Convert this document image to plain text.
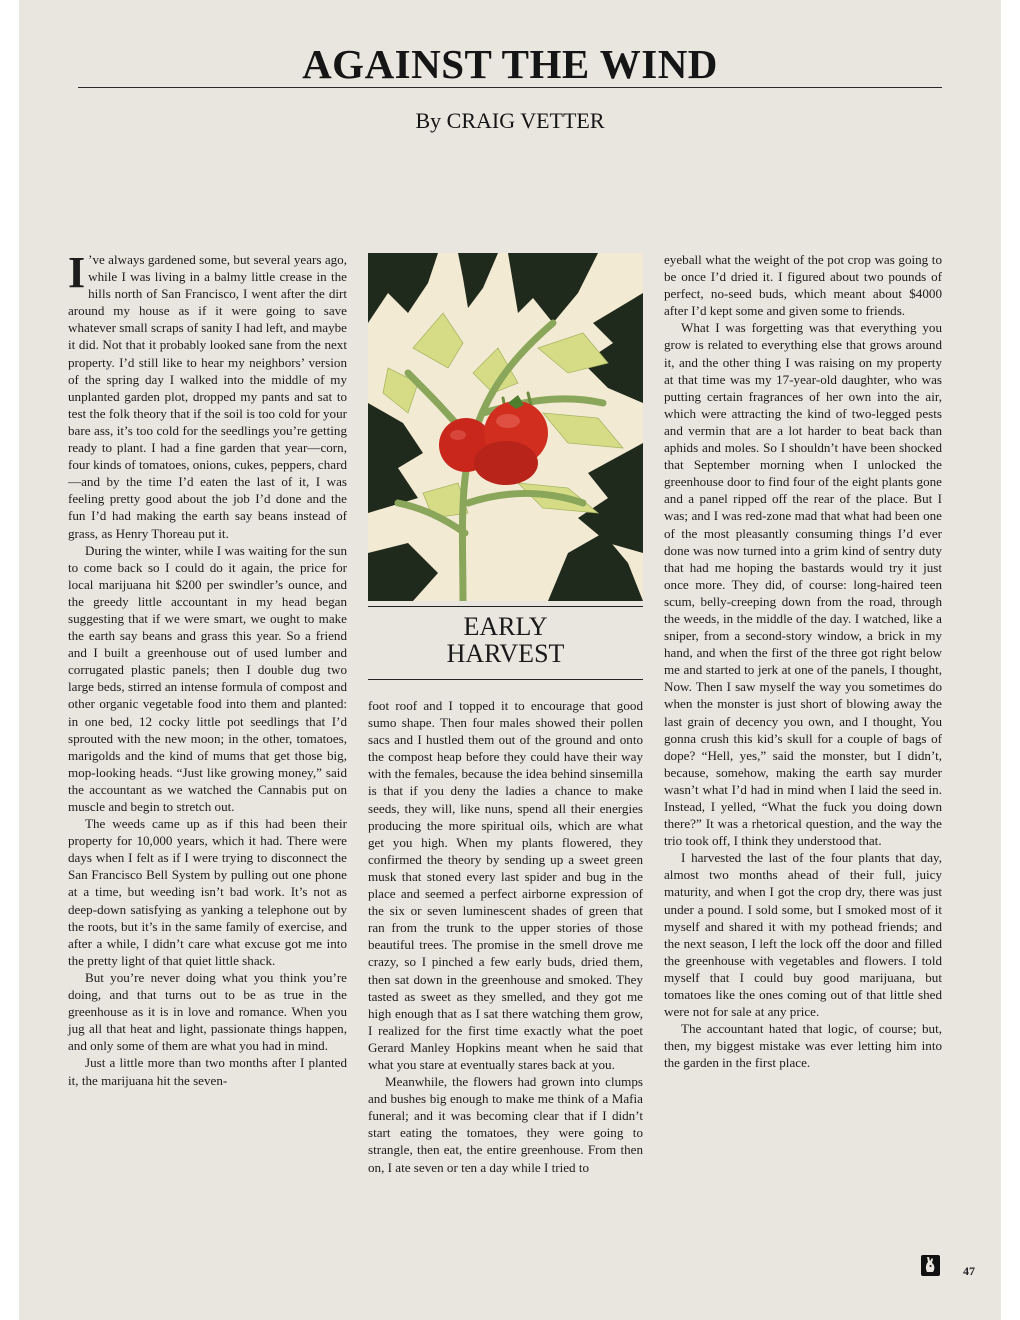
AGAINST THE WIND
By CRAIG VETTER

I ’ve always gardened some, but several years ago, while I was living in a balmy little crease in the hills north of San Francisco, I went after the dirt around my house as if it were going to save whatever small scraps of sanity I had left, and maybe it did. Not that it probably looked sane from the next property. I’d still like to hear my neighbors’ version of the spring day I walked into the middle of my unplanted garden plot, dropped my pants and sat to test the folk theory that if the soil is too cold for your bare ass, it’s too cold for the seedlings you’re getting ready to plant. I had a fine garden that year—corn, four kinds of tomatoes, onions, cukes, peppers, chard—and by the time I’d eaten the last of it, I was feeling pretty good about the job I’d done and the fun I’d had making the earth say beans instead of grass, as Henry Thoreau put it.

During the winter, while I was waiting for the sun to come back so I could do it again, the price for local marijuana hit $200 per swindler’s ounce, and the greedy little accountant in my head began suggesting that if we were smart, we ought to make the earth say beans and grass this year. So a friend and I built a greenhouse out of used lumber and corrugated plastic panels; then I double dug two large beds, stirred an intense formula of compost and other organic vegetable food into them and planted: in one bed, 12 cocky little pot seedlings that I’d sprouted with the new moon; in the other, tomatoes, marigolds and the kind of mums that get those big, mop-looking heads. “Just like growing money,” said the accountant as we watched the Cannabis put on muscle and begin to stretch out.

The weeds came up as if this had been their property for 10,000 years, which it had. There were days when I felt as if I were trying to disconnect the San Francisco Bell System by pulling out one phone at a time, but weeding isn’t bad work. It’s not as deep-down satisfying as yanking a telephone out by the roots, but it’s in the same family of exercise, and after a while, I didn’t care what excuse got me into the pretty light of that quiet little shack.

But you’re never doing what you think you’re doing, and that turns out to be as true in the greenhouse as it is in love and romance. When you jug all that heat and light, passionate things happen, and only some of them are what you had in mind.

Just a little more than two months after I planted it, the marijuana hit the seven-

EARLY
HARVEST

foot roof and I topped it to encourage that good sumo shape. Then four males showed their pollen sacs and I hustled them out of the ground and onto the compost heap before they could have their way with the females, because the idea behind sinsemilla is that if you deny the ladies a chance to make seeds, they will, like nuns, spend all their energies producing the more spiritual oils, which are what get you high. When my plants flowered, they confirmed the theory by sending up a sweet green musk that stoned every last spider and bug in the place and seemed a perfect airborne expression of the six or seven luminescent shades of green that ran from the trunk to the upper stories of those beautiful trees. The promise in the smell drove me crazy, so I pinched a few early buds, dried them, then sat down in the greenhouse and smoked. They tasted as sweet as they smelled, and they got me high enough that as I sat there watching them grow, I realized for the first time exactly what the poet Gerard Manley Hopkins meant when he said that what you stare at eventually stares back at you.

Meanwhile, the flowers had grown into clumps and bushes big enough to make me think of a Mafia funeral; and it was becoming clear that if I didn’t start eating the tomatoes, they were going to strangle, then eat, the entire greenhouse. From then on, I ate seven or ten a day while I tried to

eyeball what the weight of the pot crop was going to be once I’d dried it. I figured about two pounds of perfect, no-seed buds, which meant about $4000 after I’d kept some and given some to friends.

What I was forgetting was that everything you grow is related to everything else that grows around it, and the other thing I was raising on my property at that time was my 17-year-old daughter, who was putting certain fragrances of her own into the air, which were attracting the kind of two-legged pests and vermin that are a lot harder to beat back than aphids and moles. So I shouldn’t have been shocked that September morning when I unlocked the greenhouse door to find four of the eight plants gone and a panel ripped off the rear of the place. But I was; and I was red-zone mad that what had been one of the most pleasantly consuming things I’d ever done was now turned into a grim kind of sentry duty that had me hoping the bastards would try it just once more. They did, of course: long-haired teen scum, belly-creeping down from the road, through the weeds, in the middle of the day. I watched, like a sniper, from a second-story window, a brick in my hand, and when the first of the three got right below me and started to jerk at one of the panels, I thought, Now. Then I saw myself the way you sometimes do when the monster is just short of blowing away the last grain of decency you own, and I thought, You gonna crush this kid’s skull for a couple of bags of dope? “Hell, yes,” said the monster, but I didn’t, because, somehow, making the earth say murder wasn’t what I’d had in mind when I laid the seed in. Instead, I yelled, “What the fuck you doing down there?” It was a rhetorical question, and the way the trio took off, I think they understood that.

I harvested the last of the four plants that day, almost two months ahead of their full, juicy maturity, and when I got the crop dry, there was just under a pound. I sold some, but I smoked most of it myself and shared it with my pothead friends; and the next season, I left the lock off the door and filled the greenhouse with vegetables and flowers. I told myself that I could buy good marijuana, but tomatoes like the ones coming out of that little shed were not for sale at any price.

The accountant hated that logic, of course; but, then, my biggest mistake was ever letting him into the garden in the first place.

47
